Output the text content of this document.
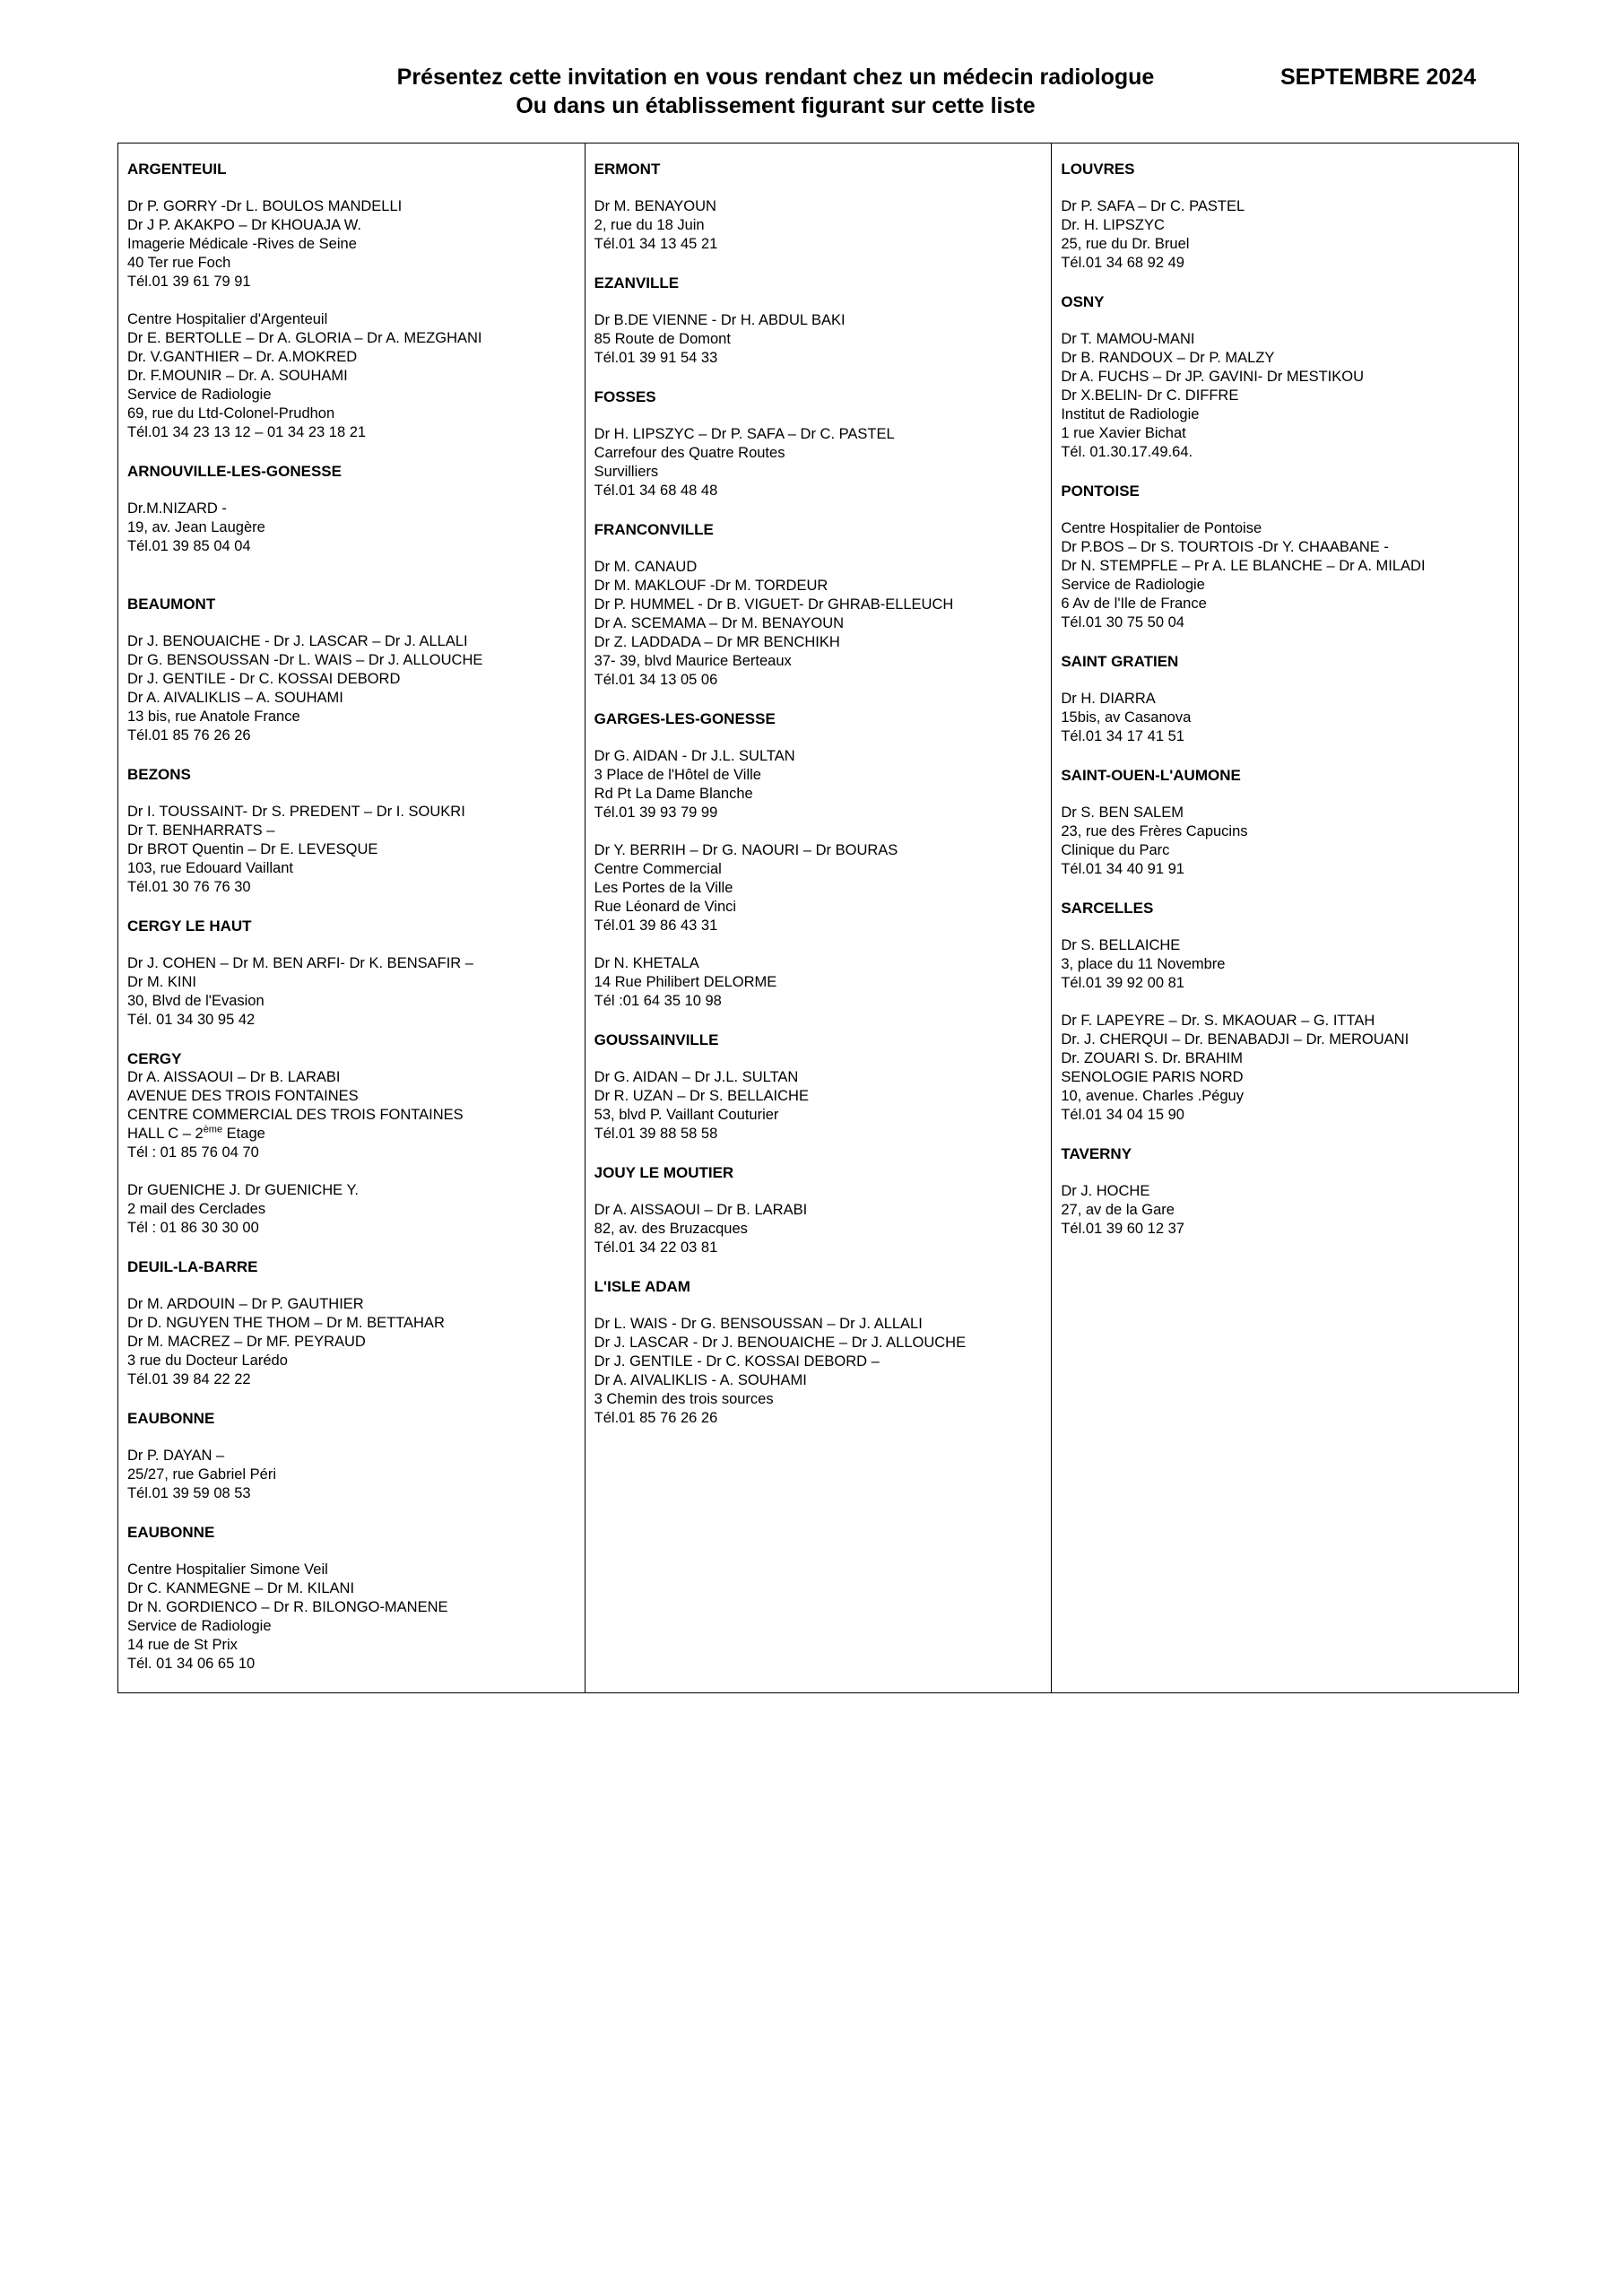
Présentez cette invitation en vous rendant chez un médecin radiologue
Ou dans un établissement figurant sur cette liste
SEPTEMBRE 2024
ARGENTEUIL
Dr P. GORRY -Dr L. BOULOS MANDELLI
Dr J P. AKAKPO – Dr KHOUAJA W.
Imagerie Médicale -Rives de Seine
40 Ter rue Foch
Tél.01 39 61 79 91
Centre Hospitalier d'Argenteuil
Dr E. BERTOLLE – Dr A. GLORIA – Dr A. MEZGHANI
Dr. V.GANTHIER – Dr. A.MOKRED
Dr. F.MOUNIR – Dr. A. SOUHAMI
Service de Radiologie
69, rue du Ltd-Colonel-Prudhon
Tél.01 34 23 13 12 – 01 34 23 18 21
ARNOUVILLE-LES-GONESSE
Dr.M.NIZARD -
19, av. Jean Laugère
Tél.01 39 85 04 04
BEAUMONT
Dr J. BENOUAICHE - Dr J. LASCAR – Dr J. ALLALI
Dr G. BENSOUSSAN -Dr L. WAIS – Dr J. ALLOUCHE
Dr J. GENTILE - Dr C. KOSSAI DEBORD
Dr A. AIVALIKLIS – A. SOUHAMI
13 bis, rue Anatole France
Tél.01 85 76 26 26
BEZONS
Dr I. TOUSSAINT- Dr S. PREDENT – Dr I. SOUKRI
Dr T. BENHARRATS –
Dr BROT Quentin – Dr E. LEVESQUE
103, rue Edouard Vaillant
Tél.01 30 76 76 30
CERGY LE HAUT
Dr J. COHEN – Dr M. BEN ARFI- Dr K. BENSAFIR –
Dr M. KINI
30, Blvd de l'Evasion
Tél. 01 34 30 95 42
CERGY
Dr A. AISSAOUI – Dr B. LARABI
AVENUE DES TROIS FONTAINES
CENTRE COMMERCIAL DES TROIS FONTAINES
HALL C – 2ème Etage
Tél : 01 85 76 04 70
Dr GUENICHE J. Dr GUENICHE Y.
2 mail des Cerclades
Tél : 01 86 30 30 00
DEUIL-LA-BARRE
Dr M. ARDOUIN – Dr P. GAUTHIER
Dr D. NGUYEN THE THOM – Dr M. BETTAHAR
Dr M. MACREZ – Dr MF. PEYRAUD
3 rue du Docteur Larédo
Tél.01 39 84 22 22
EAUBONNE
Dr P. DAYAN –
25/27, rue Gabriel Péri
Tél.01 39 59 08 53
EAUBONNE
Centre Hospitalier Simone Veil
Dr C. KANMEGNE – Dr M. KILANI
Dr N. GORDIENCO – Dr R. BILONGO-MANENE
Service de Radiologie
14 rue de St Prix
Tél. 01 34 06 65 10
ERMONT
Dr M. BENAYOUN
2, rue du 18 Juin
Tél.01 34 13 45 21
EZANVILLE
Dr B.DE VIENNE - Dr H. ABDUL BAKI
85 Route de Domont
Tél.01 39 91 54 33
FOSSES
Dr H. LIPSZYC – Dr P. SAFA – Dr C. PASTEL
Carrefour des Quatre Routes
Survilliers
Tél.01 34 68 48 48
FRANCONVILLE
Dr M. CANAUD
Dr M. MAKLOUF -Dr M. TORDEUR
Dr P. HUMMEL - Dr B. VIGUET- Dr GHRAB-ELLEUCH
Dr A. SCEMAMA – Dr M. BENAYOUN
Dr Z. LADDADA – Dr MR BENCHIKH
37- 39, blvd Maurice Berteaux
Tél.01 34 13 05 06
GARGES-LES-GONESSE
Dr G. AIDAN - Dr J.L. SULTAN
3 Place de l'Hôtel de Ville
Rd Pt La Dame Blanche
Tél.01 39 93 79 99
Dr Y. BERRIH – Dr G. NAOURI – Dr BOURAS
Centre Commercial
Les Portes de la Ville
Rue Léonard de Vinci
Tél.01 39 86 43 31
Dr N. KHETALA
14 Rue Philibert DELORME
Tél :01 64 35 10 98
GOUSSAINVILLE
Dr G. AIDAN – Dr J.L. SULTAN
Dr R. UZAN – Dr S. BELLAICHE
53, blvd P. Vaillant Couturier
Tél.01 39 88 58 58
JOUY LE MOUTIER
Dr A. AISSAOUI – Dr B. LARABI
82, av. des Bruzacques
Tél.01 34 22 03 81
L'ISLE ADAM
Dr L. WAIS - Dr G. BENSOUSSAN – Dr J. ALLALI
Dr J. LASCAR - Dr J. BENOUAICHE – Dr J. ALLOUCHE
Dr J. GENTILE - Dr C. KOSSAI DEBORD –
Dr A. AIVALIKLIS - A. SOUHAMI
3 Chemin des trois sources
Tél.01 85 76 26 26
LOUVRES
Dr P. SAFA – Dr C. PASTEL
Dr. H. LIPSZYC
25, rue du Dr. Bruel
Tél.01 34 68 92 49
OSNY
Dr T. MAMOU-MANI
Dr B. RANDOUX – Dr P. MALZY
Dr A. FUCHS – Dr JP. GAVINI- Dr MESTIKOU
Dr X.BELIN- Dr C. DIFFRE
Institut de Radiologie
1 rue Xavier Bichat
Tél. 01.30.17.49.64.
PONTOISE
Centre Hospitalier de Pontoise
Dr P.BOS – Dr S. TOURTOIS -Dr Y. CHAABANE -
Dr N. STEMPFLE – Pr A. LE BLANCHE – Dr A. MILADI
Service de Radiologie
6 Av de l'Ile de France
Tél.01 30 75 50 04
SAINT GRATIEN
Dr H. DIARRA
15bis, av Casanova
Tél.01 34 17 41 51
SAINT-OUEN-L'AUMONE
Dr S. BEN SALEM
23, rue des Frères Capucins
Clinique du Parc
Tél.01 34 40 91 91
SARCELLES
Dr S. BELLAICHE
3, place du 11 Novembre
Tél.01 39 92 00 81
Dr F. LAPEYRE – Dr. S. MKAOUAR – G. ITTAH
Dr. J. CHERQUI – Dr. BENABADJI – Dr. MEROUANI
Dr. ZOUARI S. Dr. BRAHIM
SENOLOGIE PARIS NORD
10, avenue. Charles .Péguy
Tél.01 34 04 15 90
TAVERNY
Dr J. HOCHE
27, av de la Gare
Tél.01 39 60 12 37
